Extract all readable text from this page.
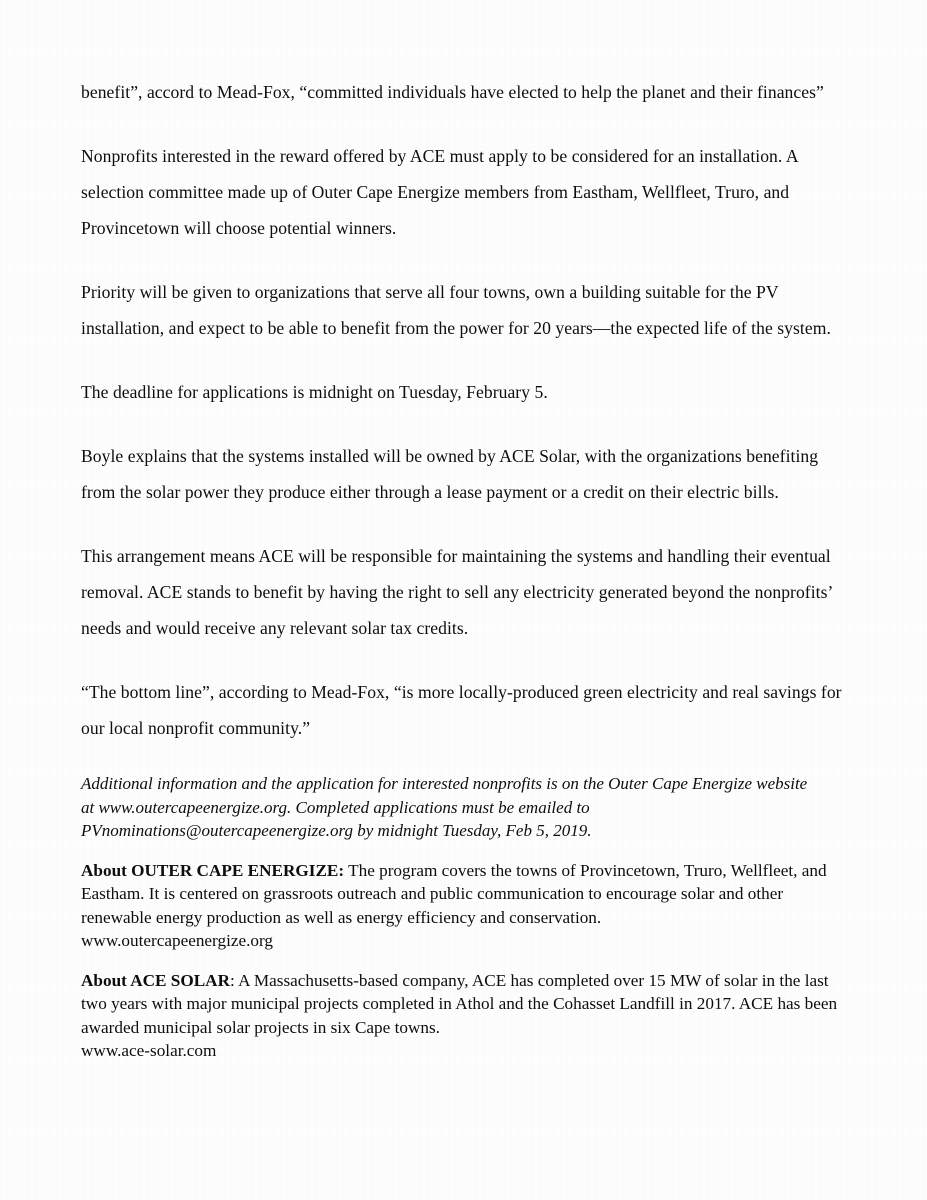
benefit”, accord to Mead-Fox, “committed individuals have elected to help the planet and their finances”

Nonprofits interested in the reward offered by ACE must apply to be considered for an installation. A selection committee made up of Outer Cape Energize members from Eastham, Wellfleet, Truro, and Provincetown will choose potential winners.

Priority will be given to organizations that serve all four towns, own a building suitable for the PV installation, and expect to be able to benefit from the power for 20 years—the expected life of the system.

The deadline for applications is midnight on Tuesday, February 5.

Boyle explains that the systems installed will be owned by ACE Solar, with the organizations benefiting from the solar power they produce either through a lease payment or a credit on their electric bills.

This arrangement means ACE will be responsible for maintaining the systems and handling their eventual removal. ACE stands to benefit by having the right to sell any electricity generated beyond the nonprofits’ needs and would receive any relevant solar tax credits.

“The bottom line”, according to Mead-Fox, “is more locally-produced green electricity and real savings for our local nonprofit community.”

Additional information and the application for interested nonprofits is on the Outer Cape Energize website at www.outercapeenergize.org. Completed applications must be emailed to PVnominations@outercapeenergize.org by midnight Tuesday, Feb 5, 2019.

About OUTER CAPE ENERGIZE: The program covers the towns of Provincetown, Truro, Wellfleet, and Eastham. It is centered on grassroots outreach and public communication to encourage solar and other renewable energy production as well as energy efficiency and conservation.
www.outercapeenergize.org

About ACE SOLAR: A Massachusetts-based company, ACE has completed over 15 MW of solar in the last two years with major municipal projects completed in Athol and the Cohasset Landfill in 2017. ACE has been awarded municipal solar projects in six Cape towns.
www.ace-solar.com
